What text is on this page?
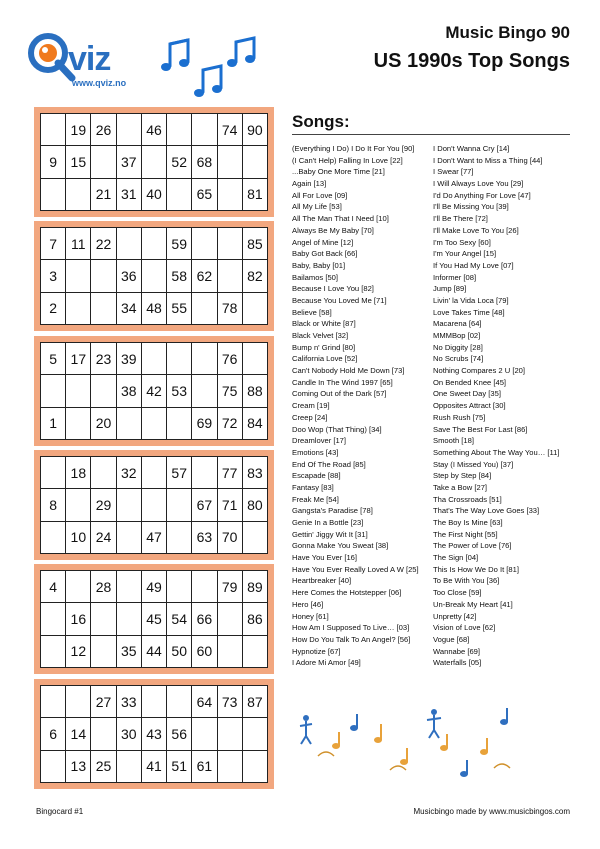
viz
www.qviz.no
Music Bingo 90
US 1990s Top Songs
	19	26		46			74	90
9	15		37		52	68		
		21	31	40		65		81
7	11	22			59			85
3			36		58	62		82
2			34	48	55		78	
5	17	23	39				76	
			38	42	53		75	88
1		20				69	72	84
	18		32		57		77	83
8		29				67	71	80
	10	24		47		63	70	
4		28		49			79	89
	16			45	54	66		86
	12		35	44	50	60		
		27	33			64	73	87
6	14		30	43	56			
	13	25		41	51	61		
Songs:
(Everything I Do) I Do It For You [90]
(I Can't Help) Falling In Love [22]
...Baby One More Time [21]
Again [13]
All For Love [09]
All My Life [53]
All The Man That I Need [10]
Always Be My Baby [70]
Angel of Mine [12]
Baby Got Back [66]
Baby, Baby [01]
Bailamos [50]
Because I Love You [82]
Because You Loved Me [71]
Believe [58]
Black or White [87]
Black Velvet [32]
Bump n' Grind [80]
California Love [52]
Can't Nobody Hold Me Down [73]
Candle In The Wind 1997 [65]
Coming Out of the Dark [57]
Cream [19]
Creep [24]
Doo Wop (That Thing) [34]
Dreamlover [17]
Emotions [43]
End Of The Road [85]
Escapade [88]
Fantasy [83]
Freak Me [54]
Gangsta's Paradise [78]
Genie In a Bottle [23]
Gettin' Jiggy Wit It [31]
Gonna Make You Sweat [38]
Have You Ever [16]
Have You Ever Really Loved A W [25]
Heartbreaker [40]
Here Comes the Hotstepper [06]
Hero [46]
Honey [61]
How Am I Supposed To Live… [03]
How Do You Talk To An Angel? [56]
Hypnotize [67]
I Adore Mi Amor [49]
I Don't Wanna Cry [14]
I Don't Want to Miss a Thing [44]
I Swear [77]
I Will Always Love You [29]
I'd Do Anything For Love [47]
I'll Be Missing You [39]
I'll Be There [72]
I'll Make Love To You [26]
I'm Too Sexy [60]
I'm Your Angel [15]
If You Had My Love [07]
Informer [08]
Jump [89]
Livin' la Vida Loca [79]
Love Takes Time [48]
Macarena [64]
MMMBop [02]
No Diggity [28]
No Scrubs [74]
Nothing Compares 2 U [20]
On Bended Knee [45]
One Sweet Day [35]
Opposites Attract [30]
Rush Rush [75]
Save The Best For Last [86]
Smooth [18]
Something About The Way You… [11]
Stay (I Missed You) [37]
Step by Step [84]
Take a Bow [27]
Tha Crossroads [51]
That's The Way Love Goes [33]
The Boy Is Mine [63]
The First Night [55]
The Power of Love [76]
The Sign [04]
This Is How We Do It [81]
To Be With You [36]
Too Close [59]
Un-Break My Heart [41]
Unpretty [42]
Vision of Love [62]
Vogue [68]
Wannabe [69]
Waterfalls [05]
Bingocard #1	Musicbingo made by www.musicbingos.com
